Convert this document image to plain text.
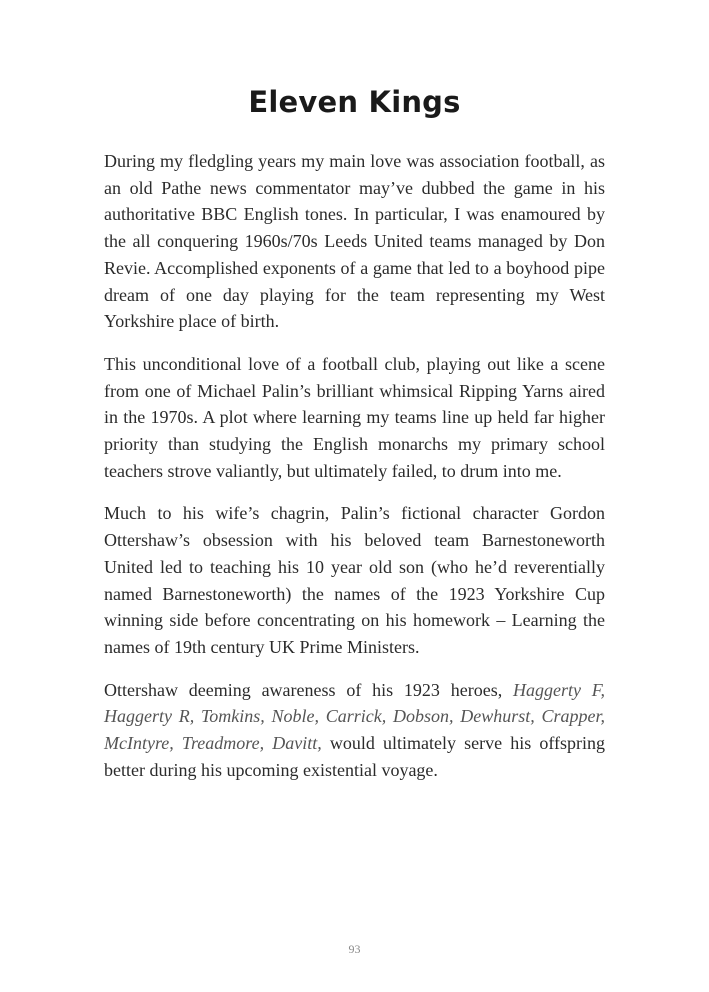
Eleven Kings

During my fledgling years my main love was association football, as an old Pathe news commentator may’ve dubbed the game in his authoritative BBC English tones. In particular, I was enamoured by the all conquering 1960s/70s Leeds United teams managed by Don Revie. Accomplished exponents of a game that led to a boyhood pipe dream of one day playing for the team representing my West Yorkshire place of birth.

This unconditional love of a football club, playing out like a scene from one of Michael Palin’s brilliant whimsical Ripping Yarns aired in the 1970s. A plot where learning my teams line up held far higher priority than studying the English monarchs my primary school teachers strove valiantly, but ultimately failed, to drum into me.

Much to his wife’s chagrin, Palin’s fictional character Gordon Ottershaw’s obsession with his beloved team Barnestoneworth United led to teaching his 10 year old son (who he’d reverentially named Barnestoneworth) the names of the 1923 Yorkshire Cup winning side before concentrating on his homework – Learning the names of 19th century UK Prime Ministers.

Ottershaw deeming awareness of his 1923 heroes, Haggerty F, Haggerty R, Tomkins, Noble, Carrick, Dobson, Dewhurst, Crapper, McIntyre, Treadmore, Davitt, would ultimately serve his offspring better during his upcoming existential voyage.

93
